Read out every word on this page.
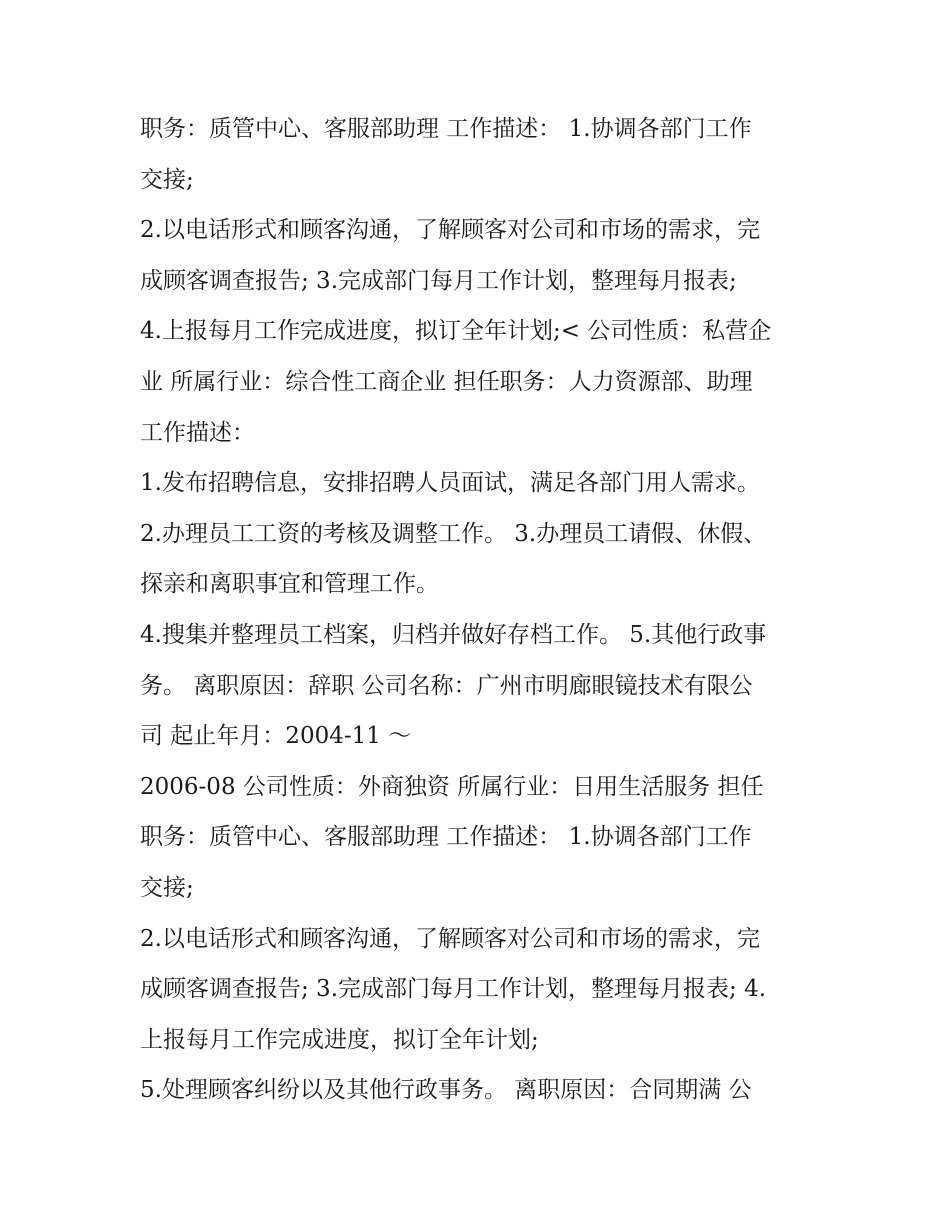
职务：质管中心、客服部助理 工作描述： 1.协调各部门工作
交接;
2.以电话形式和顾客沟通，了解顾客对公司和市场的需求，完
成顾客调查报告; 3.完成部门每月工作计划，整理每月报表;
4.上报每月工作完成进度，拟订全年计划;< 公司性质：私营企
业 所属行业：综合性工商企业 担任职务：人力资源部、助理
工作描述：
1.发布招聘信息，安排招聘人员面试，满足各部门用人需求。
2.办理员工工资的考核及调整工作。 3.办理员工请假、休假、
探亲和离职事宜和管理工作。
4.搜集并整理员工档案，归档并做好存档工作。 5.其他行政事
务。 离职原因：辞职 公司名称：广州市明廊眼镜技术有限公
司 起止年月：2004-11 ～
2006-08 公司性质：外商独资 所属行业：日用生活服务 担任
职务：质管中心、客服部助理 工作描述： 1.协调各部门工作
交接;
2.以电话形式和顾客沟通，了解顾客对公司和市场的需求，完
成顾客调查报告; 3.完成部门每月工作计划，整理每月报表; 4.
上报每月工作完成进度，拟订全年计划;
5.处理顾客纠纷以及其他行政事务。 离职原因：合同期满 公
